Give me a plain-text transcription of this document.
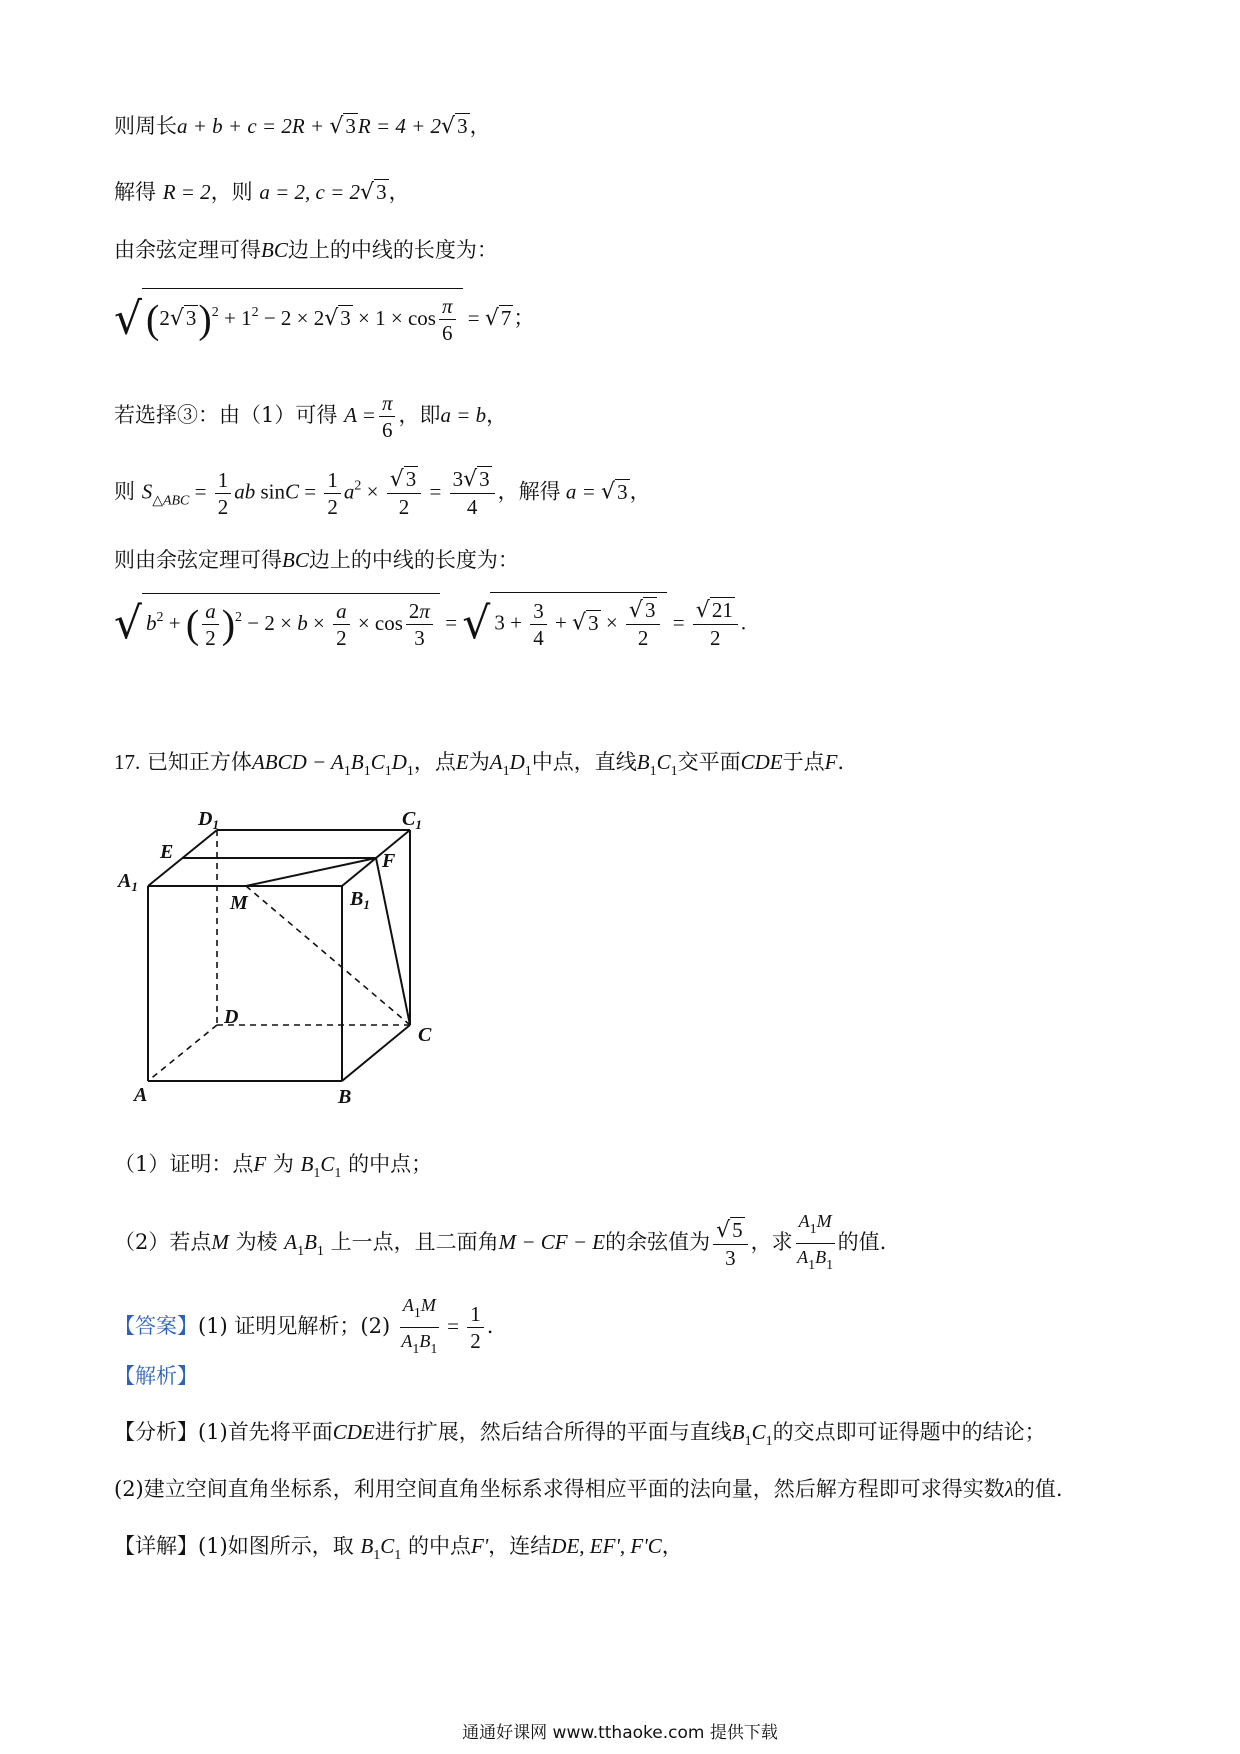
则周长a + b + c = 2R + √3R = 4 + 2√3，
解得 R = 2，则 a = 2, c = 2√3，
由余弦定理可得BC边上的中线的长度为：
√ $(2√3)^2 + 1^2 - 2 \times 2√3 \times 1 \times \cos \frac{\pi}{6} = √7$；
若选择③：由（1）可得 $A = \frac{\pi}{6}$ ，即a = b，
则 $S_{\triangle ABC} = \frac{1}{2}$ ab $\sin C = \frac{1}{2} a^2 \times \frac{√3}{2} = \frac{3√3}{4}$ ，解得 a = √3，
则由余弦定理可得BC边上的中线的长度为：
√ $b^2$ + ( $\frac{a}{2} )^2 - 2 \times b \times \frac{a}{2} \times \cos \frac{2\pi}{3}$ = √ $3 + \frac{3}{4} + √3 \times \frac{√3}{2} = \frac{√21}{2}$ .
17. 已知正方体ABCD − $A_1B_1C_1D_1$，点E为$A_1D_1$中点，直线$B_1C_1$交平面CDE于点F.
$D_1$	$C_1$
E
$A_1$
F
M	$B_1$
D
C
A	B
（1）证明：点F 为 $B_1C_1$ 的中点；
（2）若点M 为棱 $A_1B_1$ 上一点，且二面角M − CF − E的余弦值为 $\frac{√5}{3}$ ，求 $\frac{A_1M}{A_1B_1}$ 的值.
【答案】(1) 证明见解析；$(2) \frac{A_1M}{A_1B_1} = \frac{1}{2}$ .
【解析】
【分析】(1)首先将平面CDE进行扩展，然后结合所得的平面与直线$B_1C_1$的交点即可证得题中的结论；
(2)建立空间直角坐标系，利用空间直角坐标系求得相应平面的法向量，然后解方程即可求得实数λ的值.
【详解】(1)如图所示，取 $B_1C_1$ 的中点F'，连结DE, EF', F'C，
通通好课网 www.tthaoke.com 提供下载
